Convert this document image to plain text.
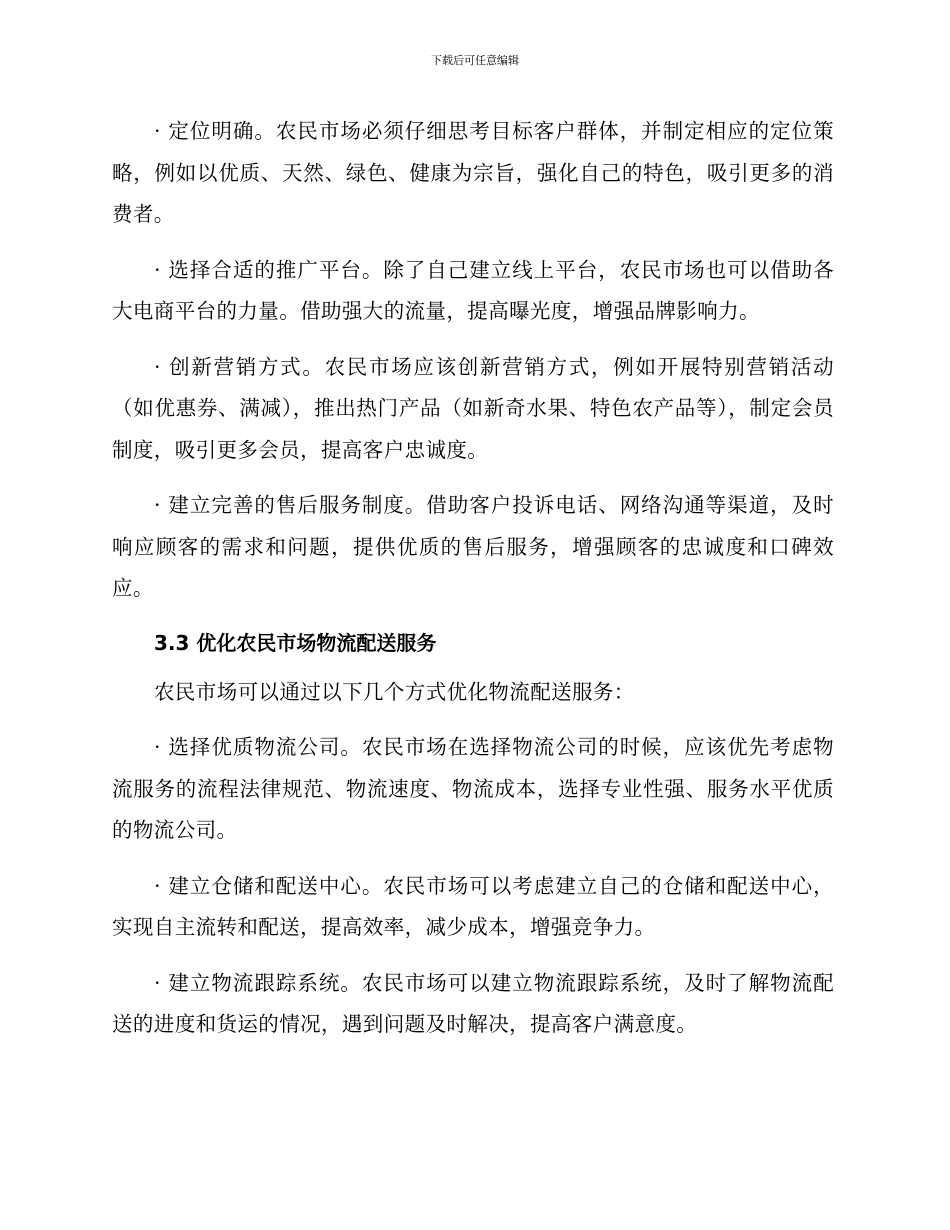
下载后可任意编辑

· 定位明确。农民市场必须仔细思考目标客户群体，并制定相应的定位策略，例如以优质、天然、绿色、健康为宗旨，强化自己的特色，吸引更多的消费者。

· 选择合适的推广平台。除了自己建立线上平台，农民市场也可以借助各大电商平台的力量。借助强大的流量，提高曝光度，增强品牌影响力。

· 创新营销方式。农民市场应该创新营销方式，例如开展特别营销活动（如优惠券、满减），推出热门产品（如新奇水果、特色农产品等），制定会员制度，吸引更多会员，提高客户忠诚度。

· 建立完善的售后服务制度。借助客户投诉电话、网络沟通等渠道，及时响应顾客的需求和问题，提供优质的售后服务，增强顾客的忠诚度和口碑效应。

3.3 优化农民市场物流配送服务

农民市场可以通过以下几个方式优化物流配送服务：

· 选择优质物流公司。农民市场在选择物流公司的时候，应该优先考虑物流服务的流程法律规范、物流速度、物流成本，选择专业性强、服务水平优质的物流公司。

· 建立仓储和配送中心。农民市场可以考虑建立自己的仓储和配送中心，实现自主流转和配送，提高效率，减少成本，增强竞争力。

· 建立物流跟踪系统。农民市场可以建立物流跟踪系统，及时了解物流配送的进度和货运的情况，遇到问题及时解决，提高客户满意度。
